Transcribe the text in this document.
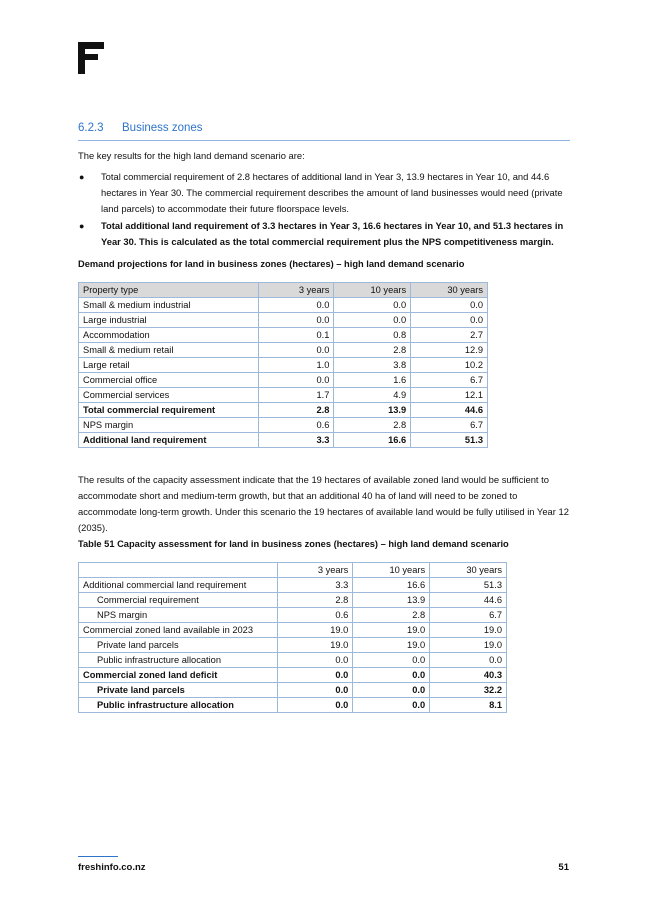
6.2.3 Business zones
The key results for the high land demand scenario are:
● Total commercial requirement of 2.8 hectares of additional land in Year 3, 13.9 hectares in Year 10, and 44.6 hectares in Year 30. The commercial requirement describes the amount of land businesses would need (private land parcels) to accommodate their future floorspace levels.
● Total additional land requirement of 3.3 hectares in Year 3, 16.6 hectares in Year 10, and 51.3 hectares in Year 30. This is calculated as the total commercial requirement plus the NPS competitiveness margin.
Demand projections for land in business zones (hectares) – high land demand scenario
Property type	3 years	10 years	30 years
Small & medium industrial	0.0	0.0	0.0
Large industrial	0.0	0.0	0.0
Accommodation	0.1	0.8	2.7
Small & medium retail	0.0	2.8	12.9
Large retail	1.0	3.8	10.2
Commercial office	0.0	1.6	6.7
Commercial services	1.7	4.9	12.1
Total commercial requirement	2.8	13.9	44.6
NPS margin	0.6	2.8	6.7
Additional land requirement	3.3	16.6	51.3
The results of the capacity assessment indicate that the 19 hectares of available zoned land would be sufficient to accommodate short and medium-term growth, but that an additional 40 ha of land will need to be zoned to accommodate long-term growth. Under this scenario the 19 hectares of available land would be fully utilised in Year 12 (2035).
Table 51 Capacity assessment for land in business zones (hectares) – high land demand scenario
	3 years	10 years	30 years
Additional commercial land requirement	3.3	16.6	51.3
Commercial requirement	2.8	13.9	44.6
NPS margin	0.6	2.8	6.7
Commercial zoned land available in 2023	19.0	19.0	19.0
Private land parcels	19.0	19.0	19.0
Public infrastructure allocation	0.0	0.0	0.0
Commercial zoned land deficit	0.0	0.0	40.3
Private land parcels	0.0	0.0	32.2
Public infrastructure allocation	0.0	0.0	8.1
freshinfo.co.nz	51
